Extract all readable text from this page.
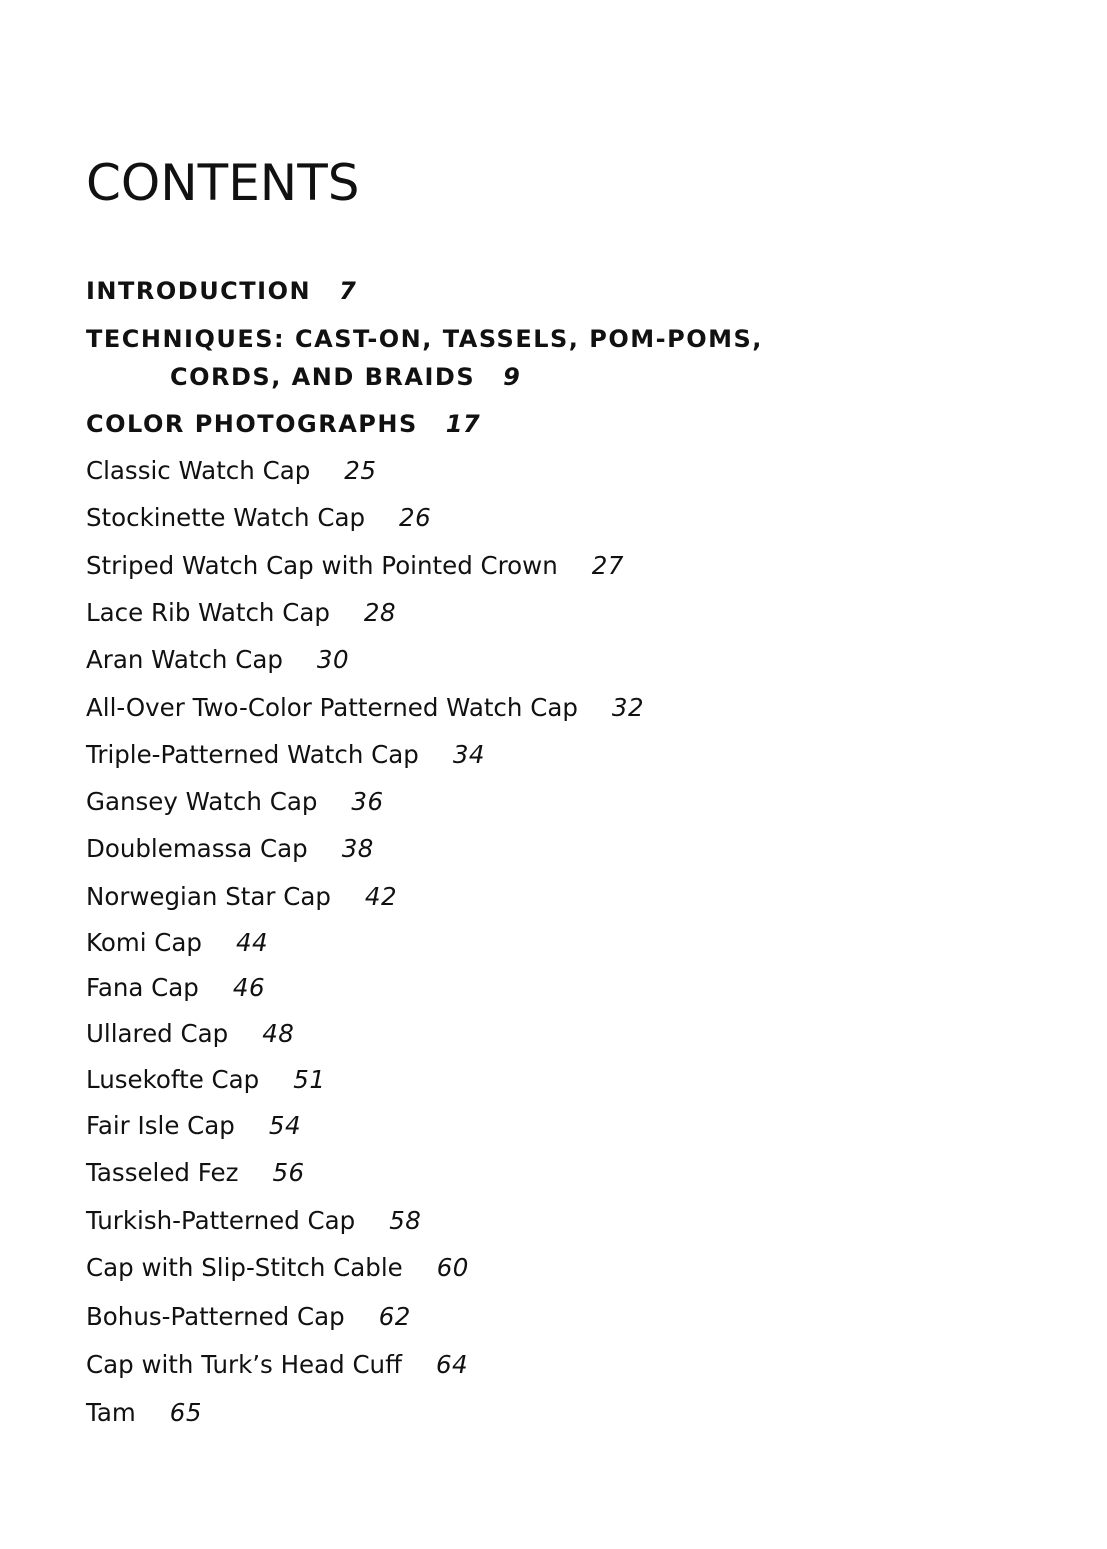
CONTENTS
INTRODUCTION 7
TECHNIQUES: CAST-ON, TASSELS, POM-POMS,
CORDS, AND BRAIDS 9
COLOR PHOTOGRAPHS 17
Classic Watch Cap 25
Stockinette Watch Cap 26
Striped Watch Cap with Pointed Crown 27
Lace Rib Watch Cap 28
Aran Watch Cap 30
All-Over Two-Color Patterned Watch Cap 32
Triple-Patterned Watch Cap 34
Gansey Watch Cap 36
Doublemassa Cap 38
Norwegian Star Cap 42
Komi Cap 44
Fana Cap 46
Ullared Cap 48
Lusekofte Cap 51
Fair Isle Cap 54
Tasseled Fez 56
Turkish-Patterned Cap 58
Cap with Slip-Stitch Cable 60
Bohus-Patterned Cap 62
Cap with Turk’s Head Cuff 64
Tam 65
